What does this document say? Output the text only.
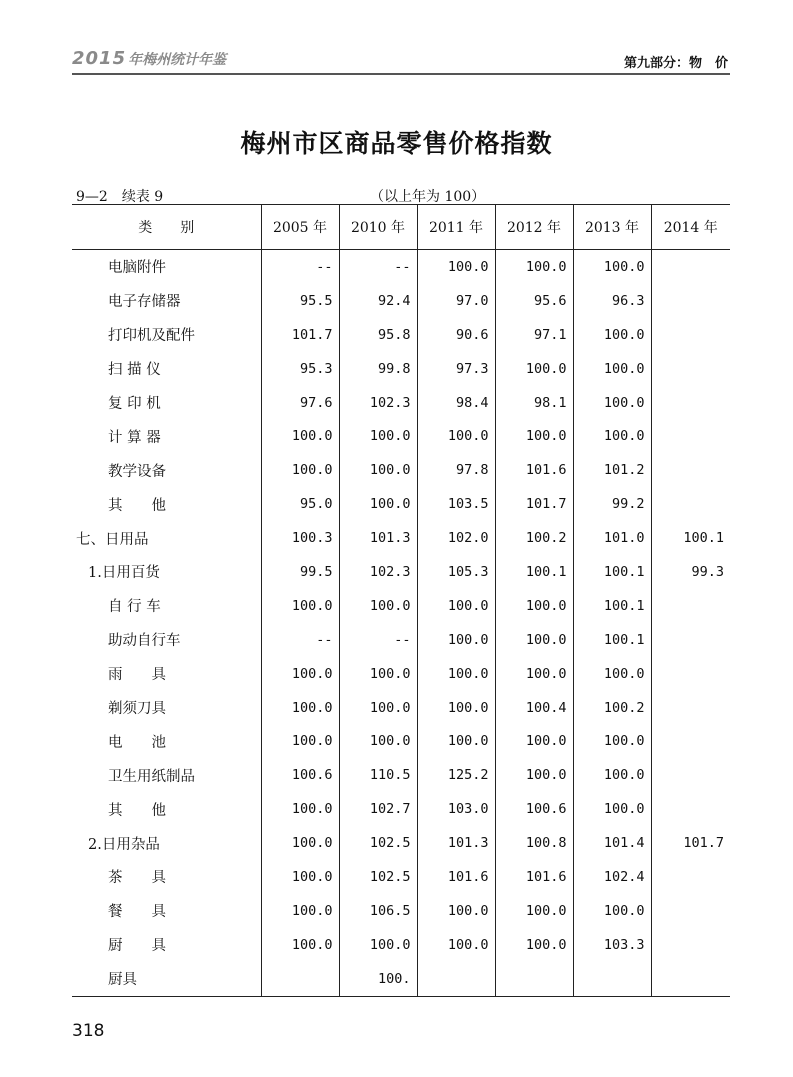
2015 年梅州统计年鉴	第九部分：物　价
梅州市区商品零售价格指数
9—2　续表 9	（以上年为 100）
类　　别	2005 年	2010 年	2011 年	2012 年	2013 年	2014 年
电脑附件	--	--	100.0	100.0	100.0	
电子存储器	95.5	92.4	97.0	95.6	96.3	
打印机及配件	101.7	95.8	90.6	97.1	100.0	
扫 描 仪	95.3	99.8	97.3	100.0	100.0	
复 印 机	97.6	102.3	98.4	98.1	100.0	
计 算 器	100.0	100.0	100.0	100.0	100.0	
教学设备	100.0	100.0	97.8	101.6	101.2	
其　　他	95.0	100.0	103.5	101.7	99.2	
七、日用品	100.3	101.3	102.0	100.2	101.0	100.1
1.日用百货	99.5	102.3	105.3	100.1	100.1	99.3
自 行 车	100.0	100.0	100.0	100.0	100.1	
助动自行车	--	--	100.0	100.0	100.1	
雨　　具	100.0	100.0	100.0	100.0	100.0	
剃须刀具	100.0	100.0	100.0	100.4	100.2	
电　　池	100.0	100.0	100.0	100.0	100.0	
卫生用纸制品	100.6	110.5	125.2	100.0	100.0	
其　　他	100.0	102.7	103.0	100.6	100.0	
2.日用杂品	100.0	102.5	101.3	100.8	101.4	101.7
茶　　具	100.0	102.5	101.6	101.6	102.4	
餐　　具	100.0	106.5	100.0	100.0	100.0	
厨　　具	100.0	100.0	100.0	100.0	103.3	
厨具		100.				
318
